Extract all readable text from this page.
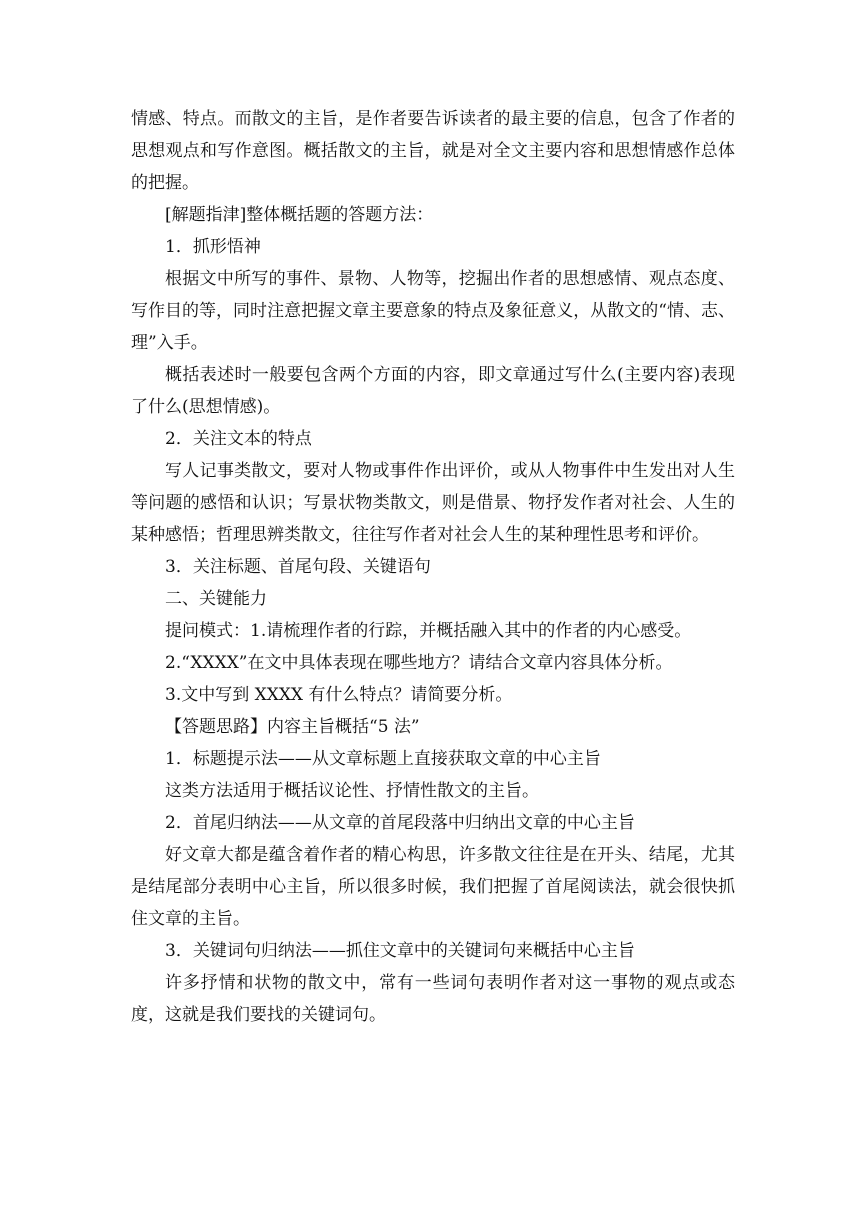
情感、特点。而散文的主旨，是作者要告诉读者的最主要的信息，包含了作者的思想观点和写作意图。概括散文的主旨，就是对全文主要内容和思想情感作总体的把握。

[解题指津]整体概括题的答题方法：

1．抓形悟神

根据文中所写的事件、景物、人物等，挖掘出作者的思想感情、观点态度、写作目的等，同时注意把握文章主要意象的特点及象征意义，从散文的“情、志、理”入手。

概括表述时一般要包含两个方面的内容，即文章通过写什么(主要内容)表现了什么(思想情感)。

2．关注文本的特点

写人记事类散文，要对人物或事件作出评价，或从人物事件中生发出对人生等问题的感悟和认识；写景状物类散文，则是借景、物抒发作者对社会、人生的某种感悟；哲理思辨类散文，往往写作者对社会人生的某种理性思考和评价。

3．关注标题、首尾句段、关键语句

二、关键能力

提问模式：1.请梳理作者的行踪，并概括融入其中的作者的内心感受。

2.“XXXX”在文中具体表现在哪些地方？请结合文章内容具体分析。

3.文中写到 XXXX 有什么特点？请简要分析。

【答题思路】内容主旨概括“5 法”

1．标题提示法——从文章标题上直接获取文章的中心主旨

这类方法适用于概括议论性、抒情性散文的主旨。

2．首尾归纳法——从文章的首尾段落中归纳出文章的中心主旨

好文章大都是蕴含着作者的精心构思，许多散文往往是在开头、结尾，尤其是结尾部分表明中心主旨，所以很多时候，我们把握了首尾阅读法，就会很快抓住文章的主旨。

3．关键词句归纳法——抓住文章中的关键词句来概括中心主旨

许多抒情和状物的散文中，常有一些词句表明作者对这一事物的观点或态度，这就是我们要找的关键词句。
